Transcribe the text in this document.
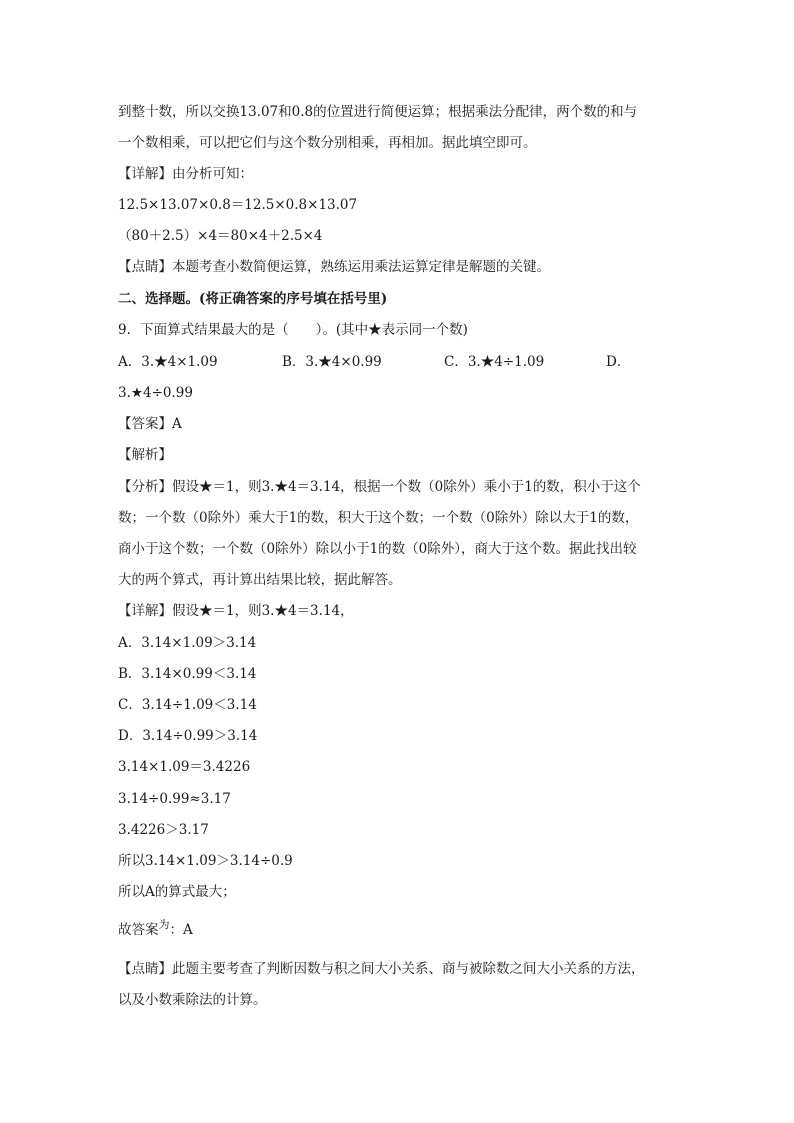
到整十数，所以交换13.07和0.8的位置进行简便运算；根据乘法分配律，两个数的和与
一个数相乘，可以把它们与这个数分别相乘，再相加。据此填空即可。
【详解】由分析可知：
12.5×13.07×0.8＝12.5×0.8×13.07
（80＋2.5）×4＝80×4＋2.5×4
【点睛】本题考查小数简便运算，熟练运用乘法运算定律是解题的关键。
二、选择题。(将正确答案的序号填在括号里)
9．下面算式结果最大的是（　　）。(其中★表示同一个数)
A．3.★4×1.09	B．3.★4×0.99	C．3.★4÷1.09	D．
3.★4÷0.99
【答案】A
【解析】
【分析】假设★＝1，则3.★4＝3.14，根据一个数（0除外）乘小于1的数，积小于这个
数；一个数（0除外）乘大于1的数，积大于这个数；一个数（0除外）除以大于1的数，
商小于这个数；一个数（0除外）除以小于1的数（0除外），商大于这个数。据此找出较
大的两个算式，再计算出结果比较，据此解答。
【详解】假设★＝1，则3.★4＝3.14，
A．3.14×1.09＞3.14
B．3.14×0.99＜3.14
C．3.14÷1.09＜3.14
D．3.14÷0.99＞3.14
3.14×1.09＝3.4226
3.14÷0.99≈3.17
3.4226＞3.17
所以3.14×1.09＞3.14÷0.9
所以A的算式最大；
故答案$^为$：A
【点睛】此题主要考查了判断因数与积之间大小关系、商与被除数之间大小关系的方法，
以及小数乘除法的计算。
